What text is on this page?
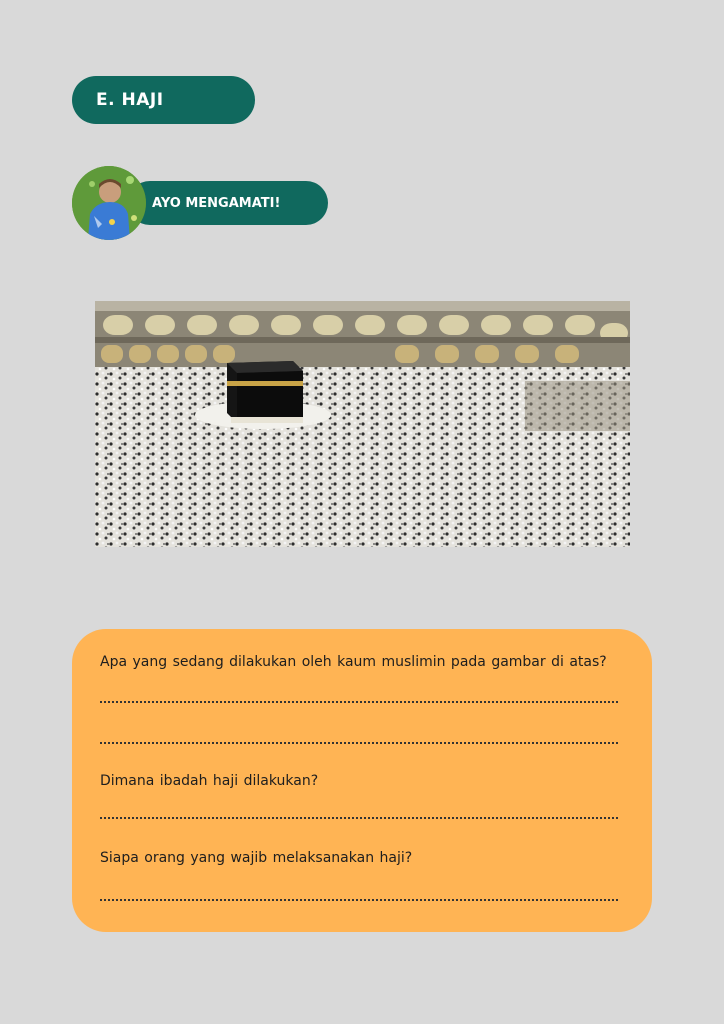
E. HAJI
AYO MENGAMATI!
Apa yang sedang dilakukan oleh kaum muslimin pada gambar di atas?
Dimana ibadah haji dilakukan?
Siapa orang yang wajib melaksanakan haji?
